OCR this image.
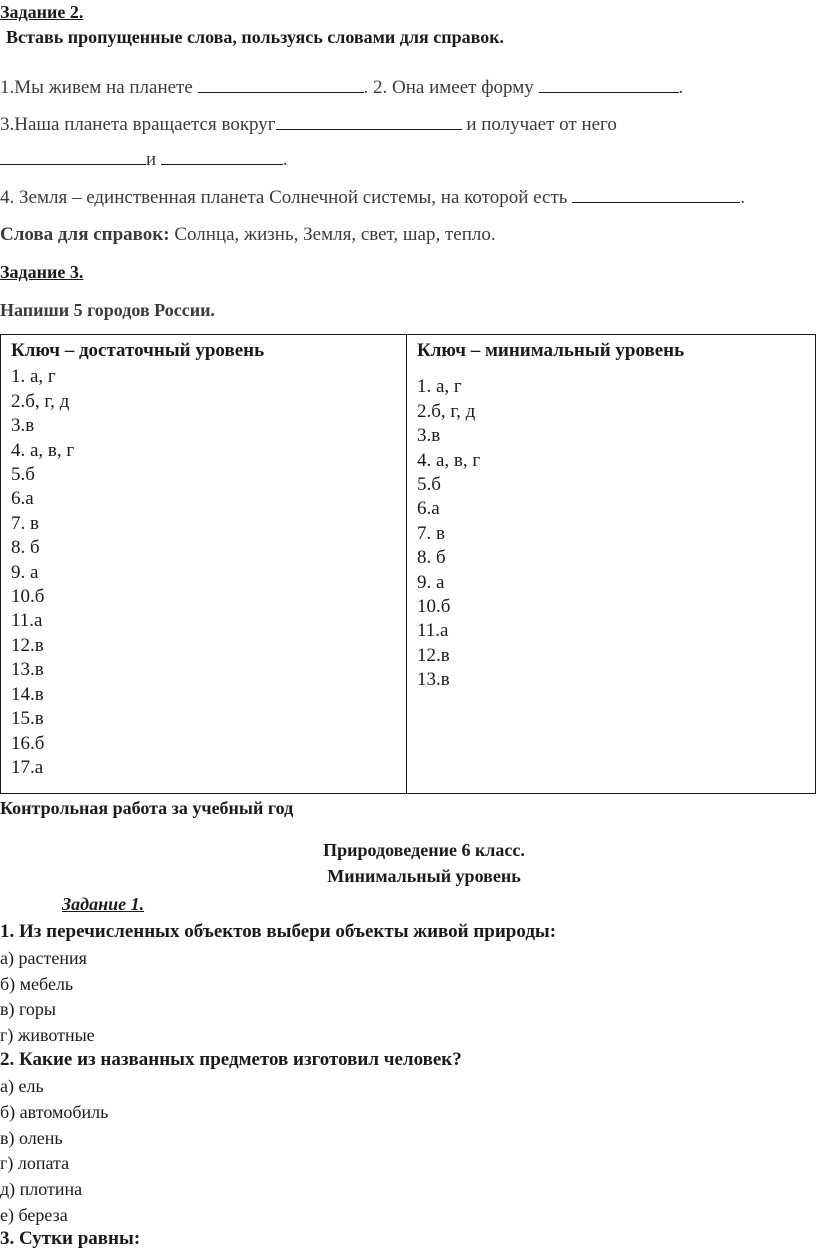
Задание 2.
Вставь пропущенные слова, пользуясь словами для справок.
1.Мы живем на планете	. 2. Она имеет форму	.
3.Наша планета вращается вокруг	и получает от него
и	.
4. Земля – единственная планета Солнечной системы, на которой есть	.
Слова для справок: Солнца, жизнь, Земля, свет, шар, тепло.
Задание 3.
Напиши 5 городов России.
Ключ – достаточный уровень
1. а, г
2.б, г, д
3.в
4. а, в, г
5.б
6.а
7. в
8. б
9. а
10.б
11.а
12.в
13.в
14.в
15.в
16.б
17.а

Ключ – минимальный уровень
1. а, г
2.б, г, д
3.в
4. а, в, г
5.б
6.а
7. в
8. б
9. а
10.б
11.а
12.в
13.в
Контрольная работа за учебный год
Природоведение 6 класс.
Минимальный уровень
Задание 1.
1. Из перечисленных объектов выбери объекты живой природы:
а) растения
б) мебель
в) горы
г) животные
2. Какие из названных предметов изготовил человек?
а) ель
б) автомобиль
в) олень
г) лопата
д) плотина
е) береза
3. Сутки равны:
